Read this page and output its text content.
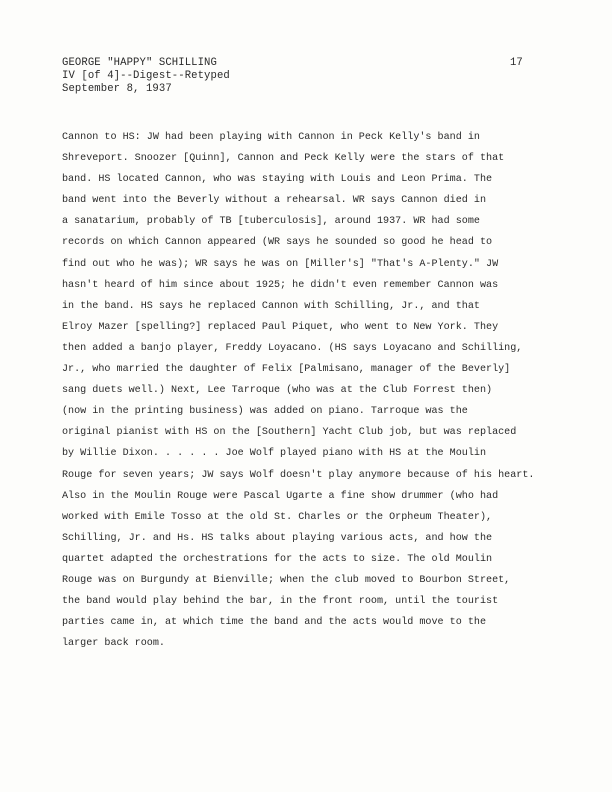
GEORGE "HAPPY" SCHILLING
IV [of 4]--Digest--Retyped
September 8, 1937
17
Cannon to HS: JW had been playing with Cannon in Peck Kelly's band in
Shreveport. Snoozer [Quinn], Cannon and Peck Kelly were the stars of that
band. HS located Cannon, who was staying with Louis and Leon Prima. The
band went into the Beverly without a rehearsal. WR says Cannon died in
a sanatarium, probably of TB [tuberculosis], around 1937. WR had some
records on which Cannon appeared (WR says he sounded so good he head to
find out who he was); WR says he was on [Miller's] "That's A-Plenty." JW
hasn't heard of him since about 1925; he didn't even remember Cannon was
in the band. HS says he replaced Cannon with Schilling, Jr., and that
Elroy Mazer [spelling?] replaced Paul Piquet, who went to New York. They
then added a banjo player, Freddy Loyacano. (HS says Loyacano and Schilling,
Jr., who married the daughter of Felix [Palmisano, manager of the Beverly]
sang duets well.) Next, Lee Tarroque (who was at the Club Forrest then)
(now in the printing business) was added on piano. Tarroque was the
original pianist with HS on the [Southern] Yacht Club job, but was replaced
by Willie Dixon. . . . . . Joe Wolf played piano with HS at the Moulin
Rouge for seven years; JW says Wolf doesn't play anymore because of his heart.
Also in the Moulin Rouge were Pascal Ugarte a fine show drummer (who had
worked with Emile Tosso at the old St. Charles or the Orpheum Theater),
Schilling, Jr. and Hs. HS talks about playing various acts, and how the
quartet adapted the orchestrations for the acts to size. The old Moulin
Rouge was on Burgundy at Bienville; when the club moved to Bourbon Street,
the band would play behind the bar, in the front room, until the tourist
parties came in, at which time the band and the acts would move to the
larger back room.
